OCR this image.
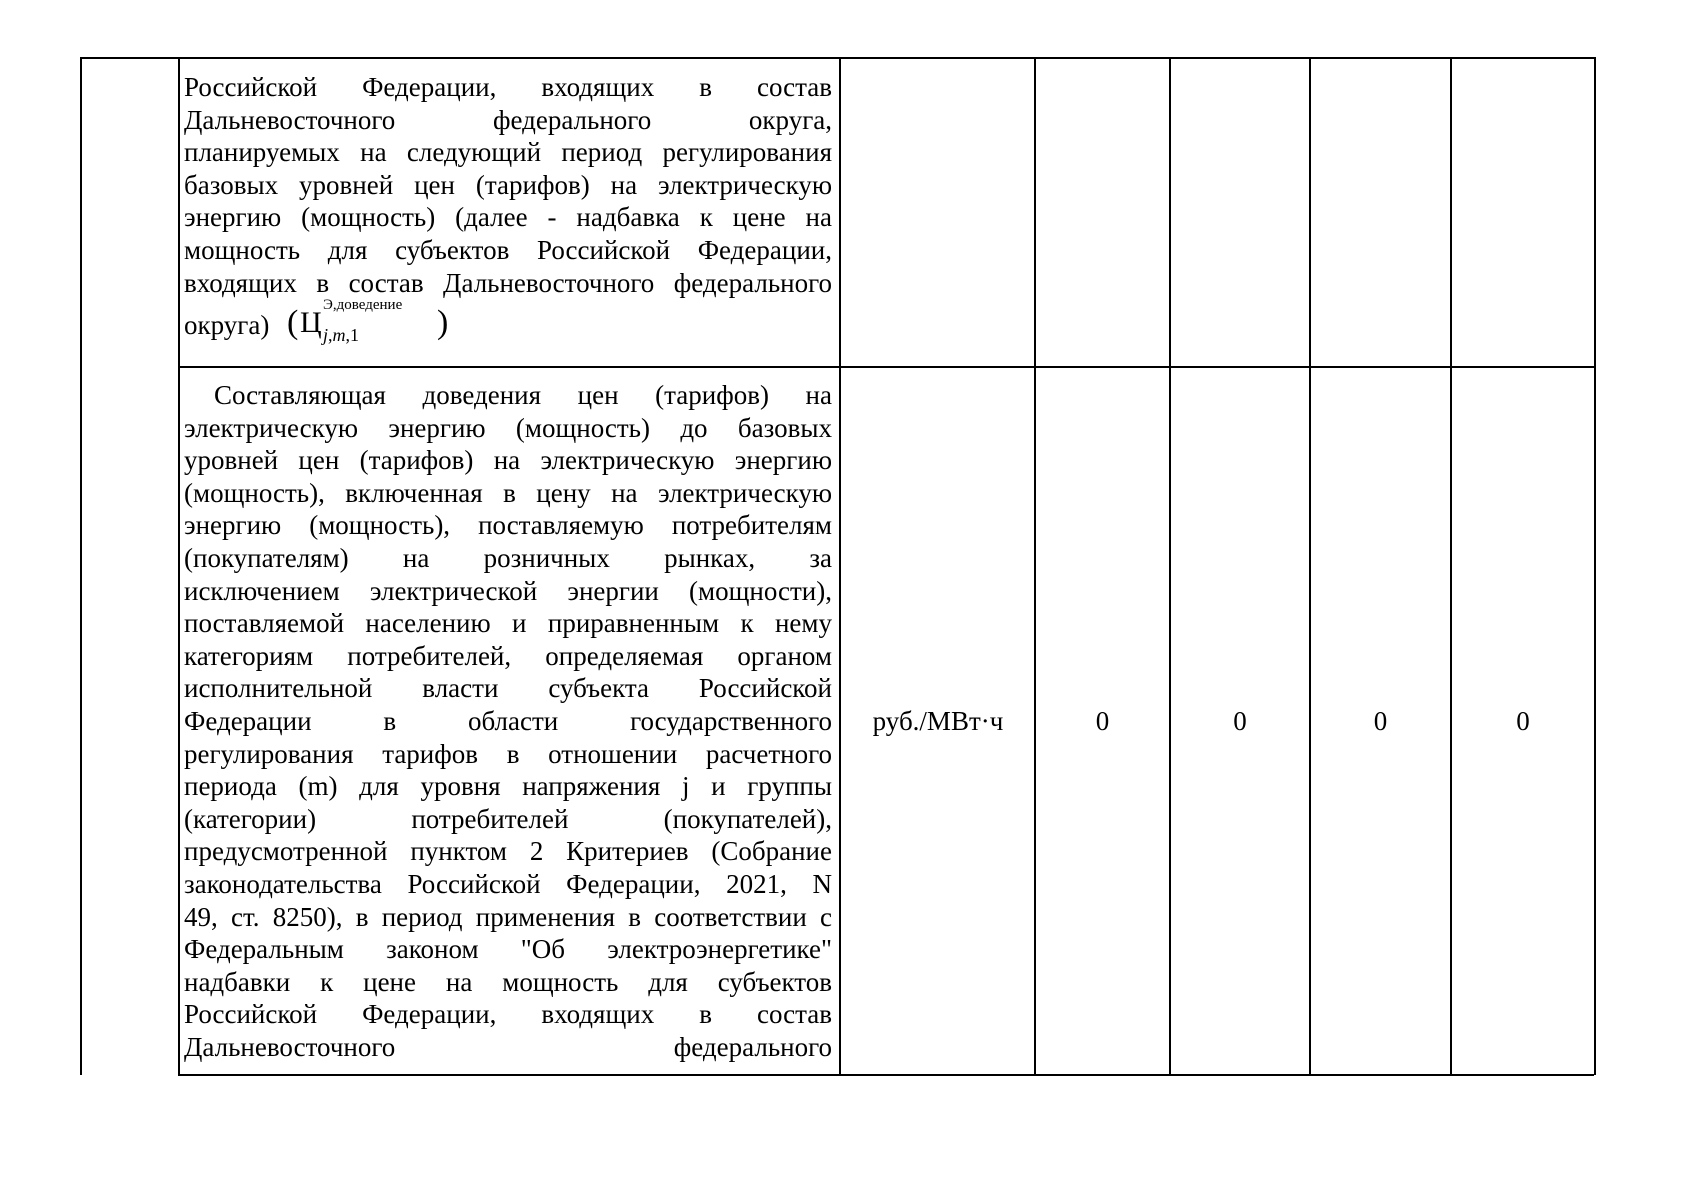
Российской Федерации, входящих в состав
Дальневосточного федерального округа,
планируемых на следующий период регулирования
базовых уровней цен (тарифов) на электрическую
энергию (мощность) (далее - надбавка к цене на
мощность для субъектов Российской Федерации,
входящих в состав Дальневосточного федерального
округа) ( Ц
Э,доведение
j,m,1 )
Составляющая доведения цен (тарифов) на
электрическую энергию (мощность) до базовых
уровней цен (тарифов) на электрическую энергию
(мощность), включенная в цену на электрическую
энергию (мощность), поставляемую потребителям
(покупателям) на розничных рынках, за
исключением электрической энергии (мощности),
поставляемой населению и приравненным к нему
категориям потребителей, определяемая органом
исполнительной власти субъекта Российской
Федерации в области государственного
регулирования тарифов в отношении расчетного
периода (m) для уровня напряжения j и группы
(категории) потребителей (покупателей),
предусмотренной пунктом 2 Критериев (Собрание
законодательства Российской Федерации, 2021, N
49, ст. 8250), в период применения в соответствии с
Федеральным законом "Об электроэнергетике"
надбавки к цене на мощность для субъектов
Российской Федерации, входящих в состав
Дальневосточного федерального
руб./МВт·ч	0	0	0	0
